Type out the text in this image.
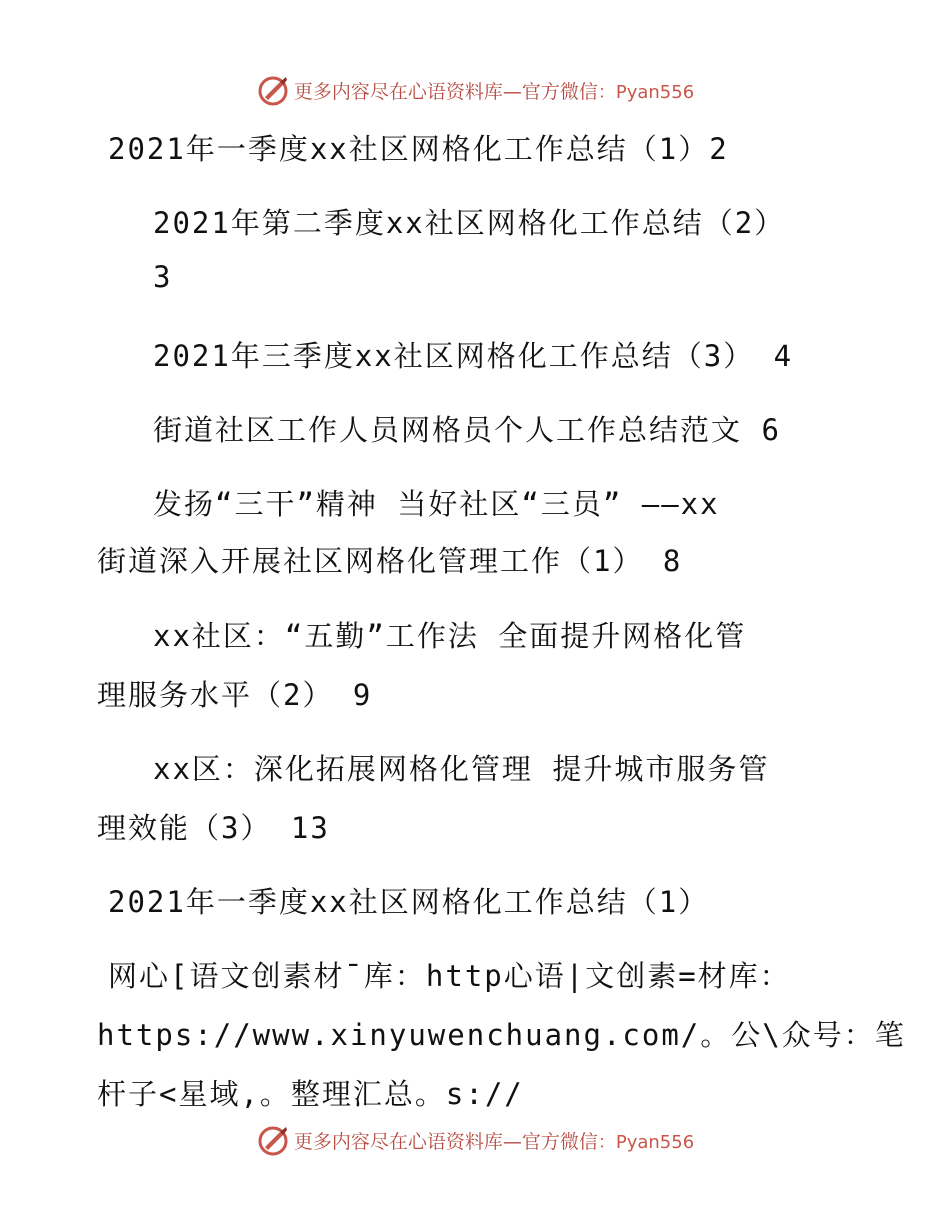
更多内容尽在心语资料库—官方微信：Pyan556
2021年一季度xx社区网格化工作总结（1）2
2021年第二季度xx社区网格化工作总结（2）
3
2021年三季度xx社区网格化工作总结（3） 4
街道社区工作人员网格员个人工作总结范文 6
发扬“三干”精神 当好社区“三员” ——xx
街道深入开展社区网格化管理工作（1） 8
xx社区：“五勤”工作法 全面提升网格化管
理服务水平（2） 9
xx区：深化拓展网格化管理 提升城市服务管
理效能（3） 13
2021年一季度xx社区网格化工作总结（1）
网心[语文创素材¯库：http心语|文创素=材库：
https://www.xinyuwenchuang.com/。公\众号：笔
杆子<星域,。整理汇总。s://
更多内容尽在心语资料库—官方微信：Pyan556
